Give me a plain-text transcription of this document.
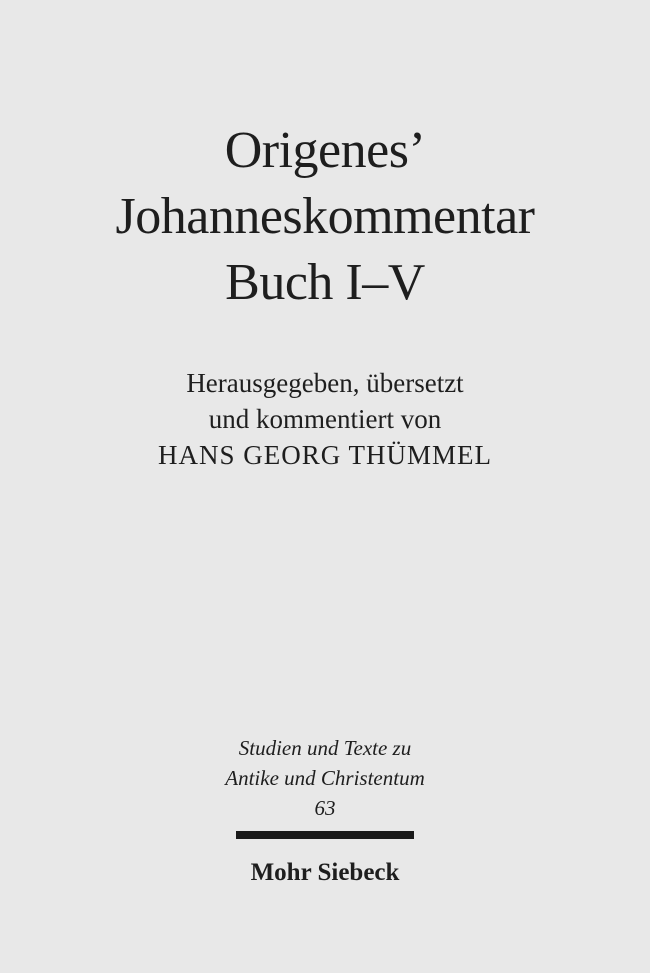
Origenes’
Johanneskommentar
Buch I–V
Herausgegeben, übersetzt
und kommentiert von
HANS GEORG THÜMMEL
Studien und Texte zu
Antike und Christentum
63
Mohr Siebeck
